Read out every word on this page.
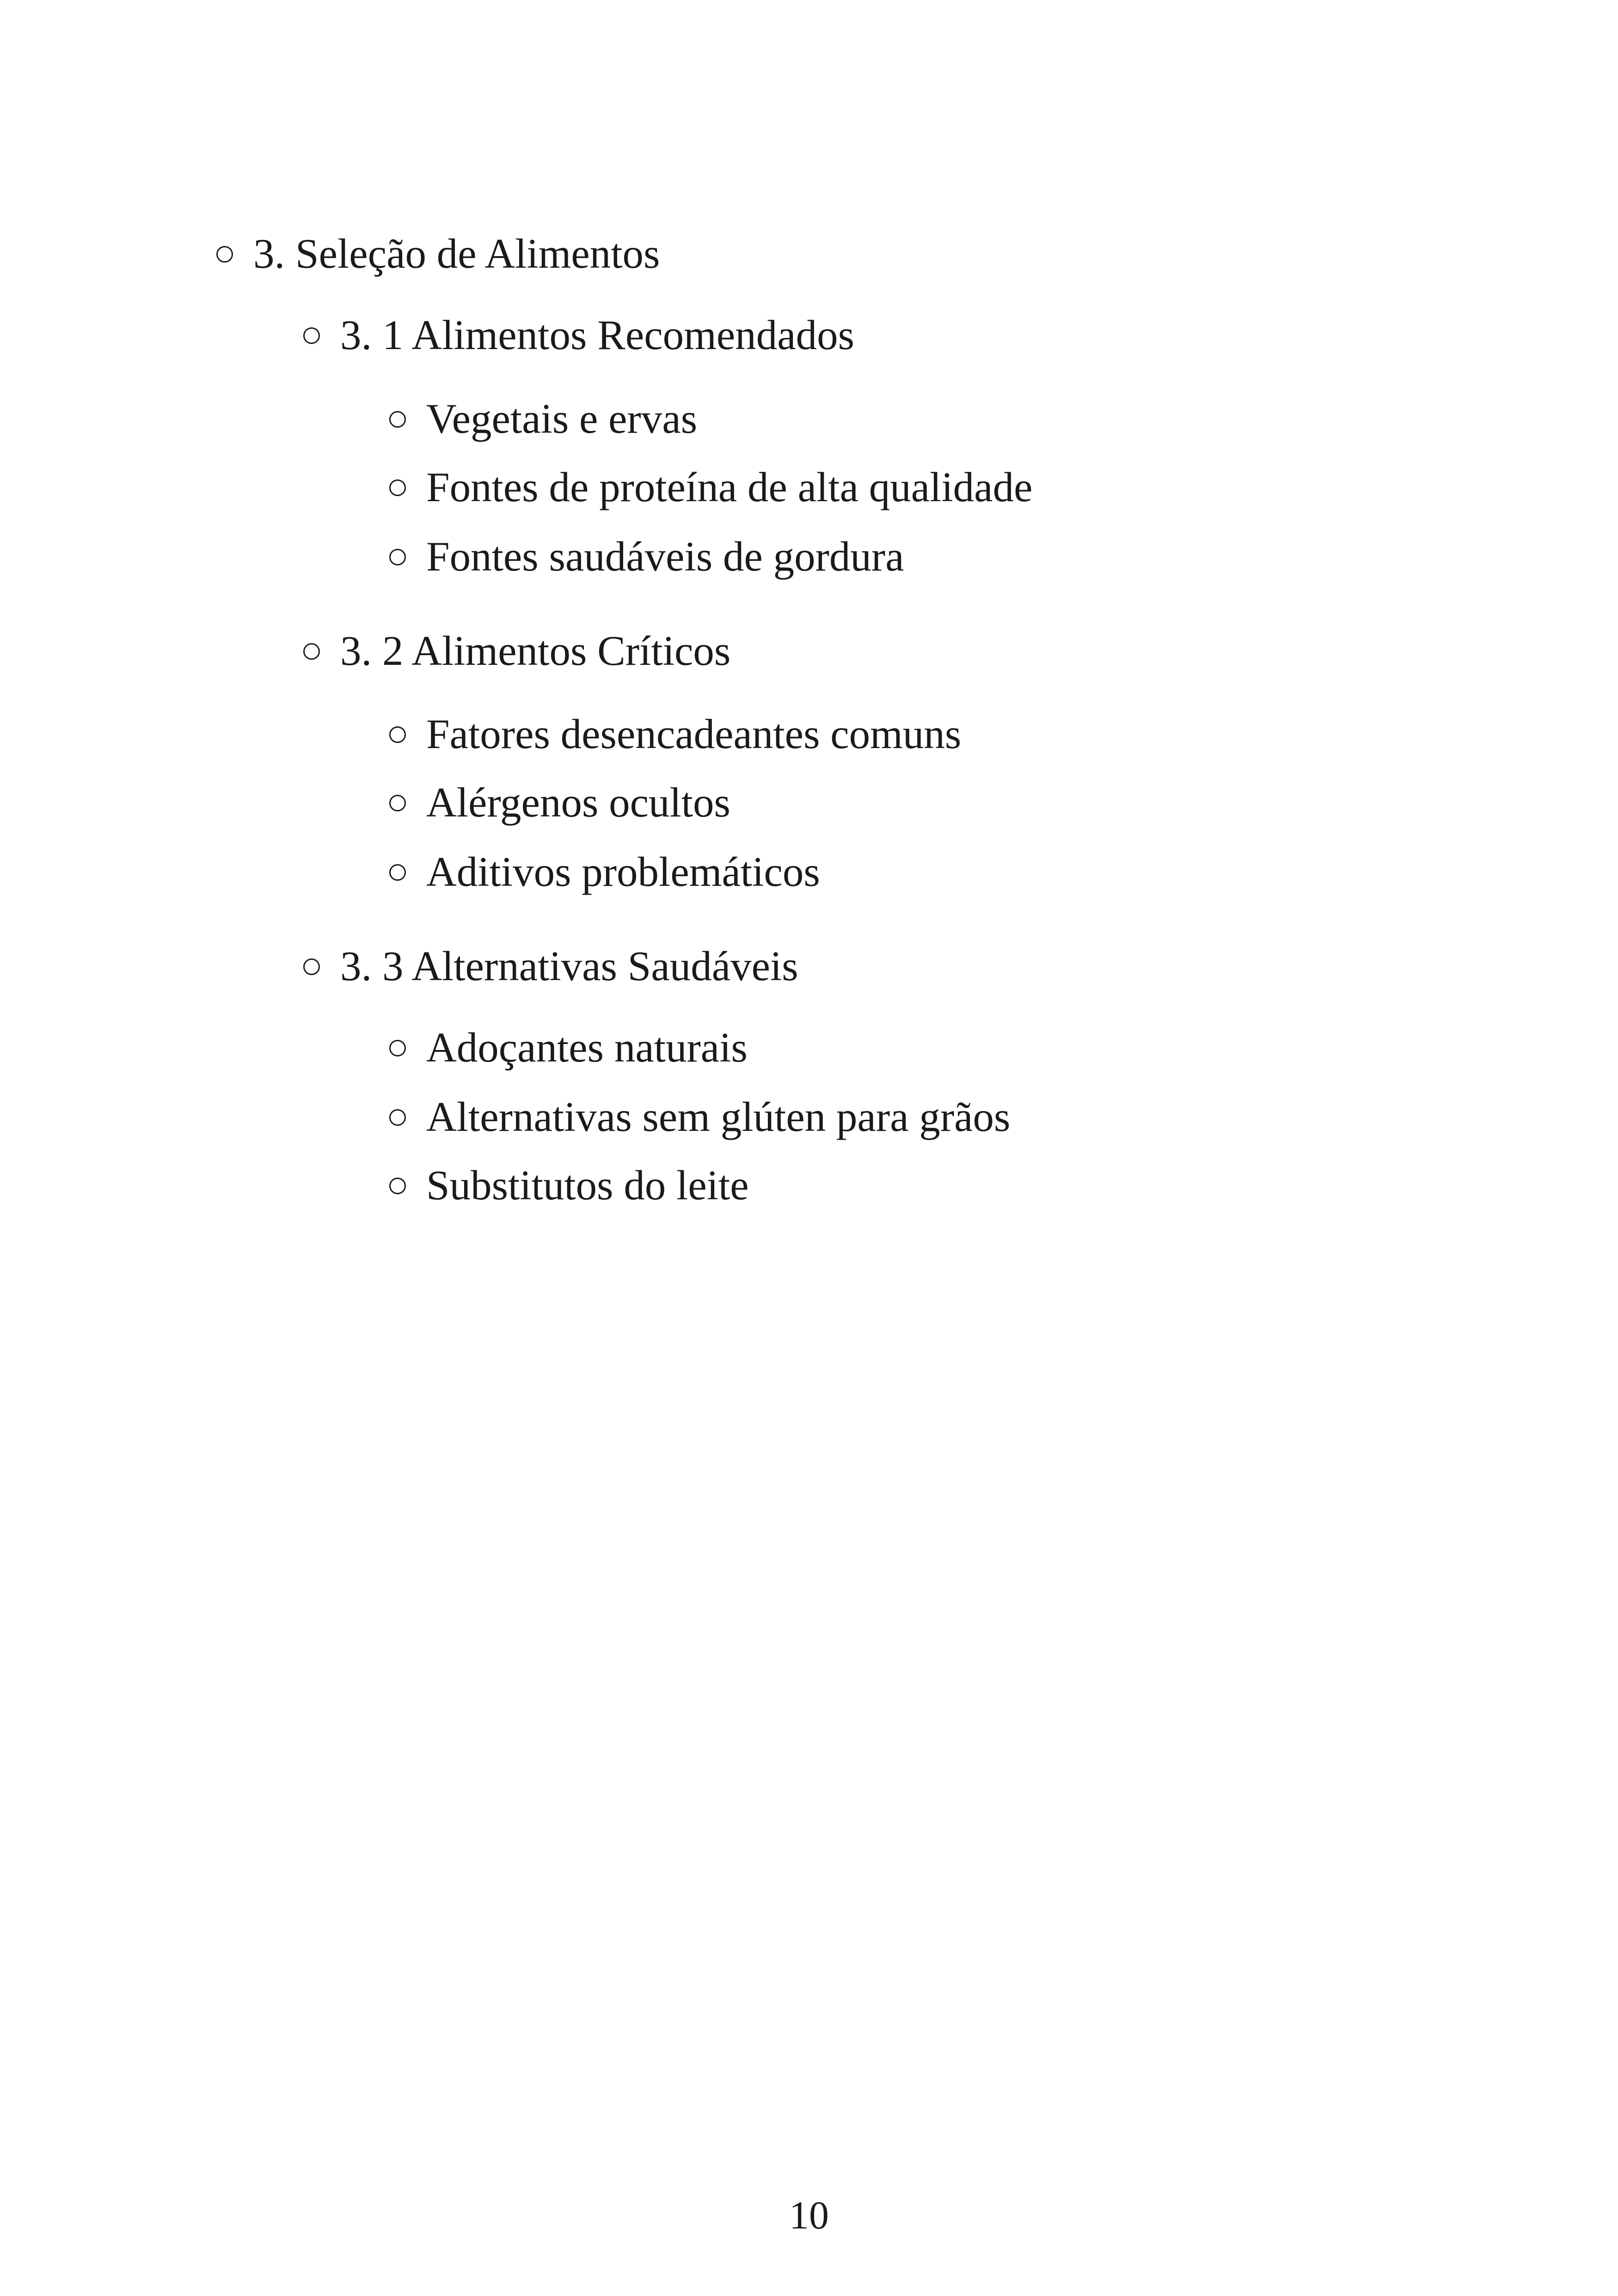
3. Seleção de Alimentos
3. 1 Alimentos Recomendados
Vegetais e ervas
Fontes de proteína de alta qualidade
Fontes saudáveis de gordura
3. 2 Alimentos Críticos
Fatores desencadeantes comuns
Alérgenos ocultos
Aditivos problemáticos
3. 3 Alternativas Saudáveis
Adoçantes naturais
Alternativas sem glúten para grãos
Substitutos do leite
10
